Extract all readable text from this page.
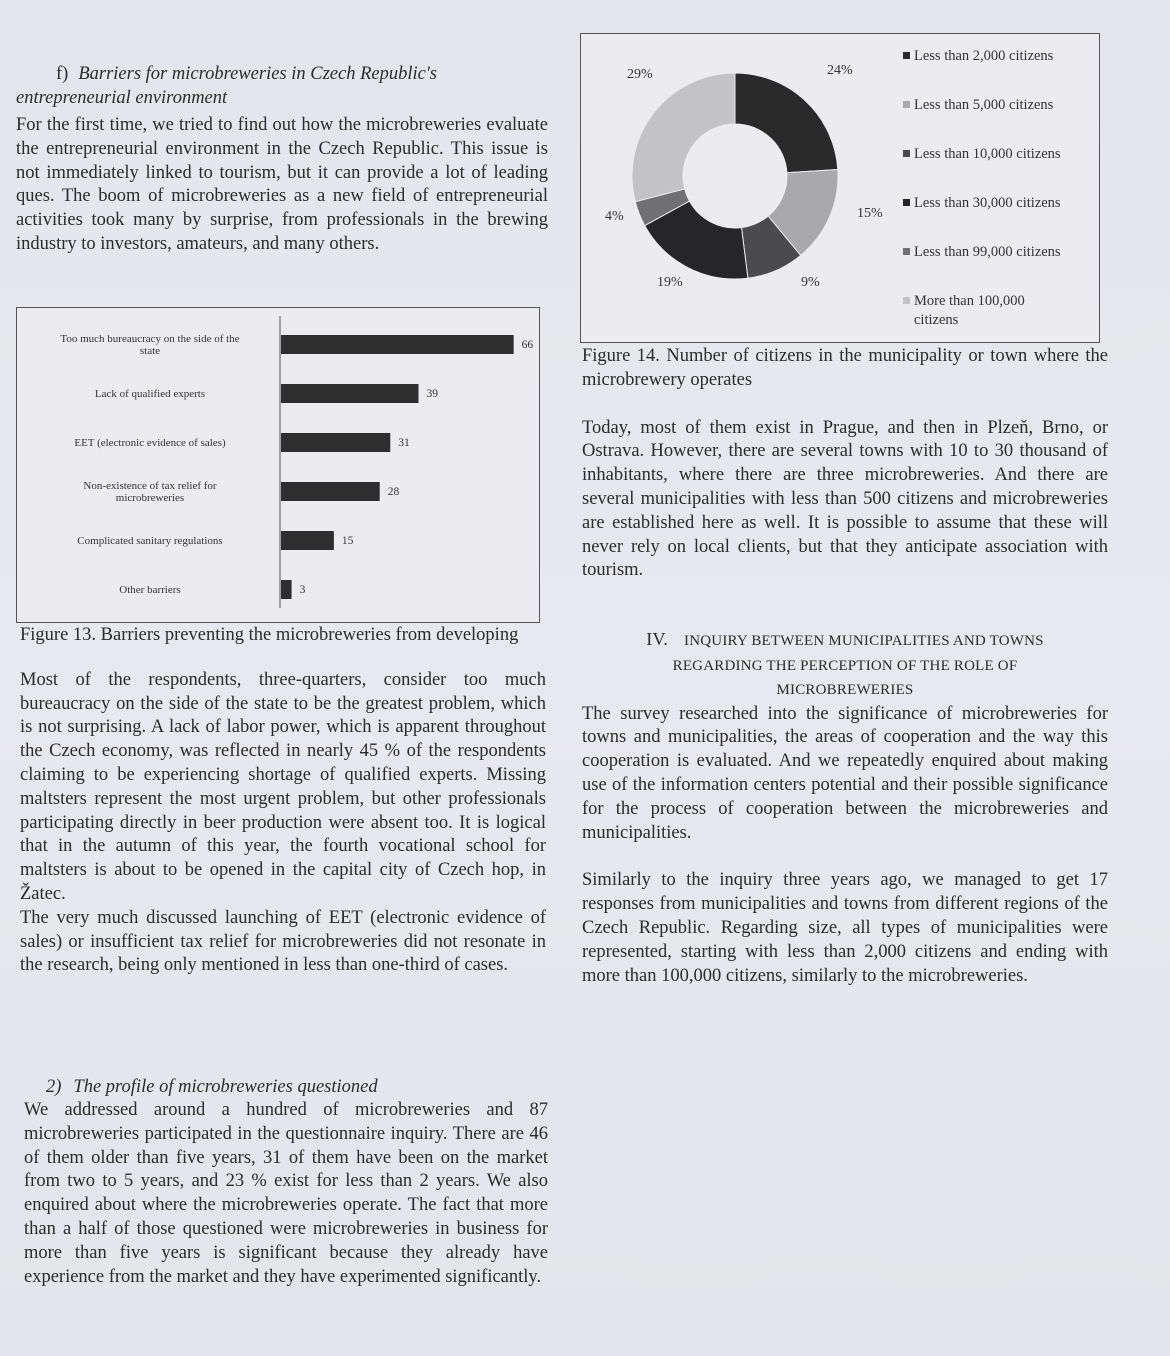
f) Barriers for microbreweries in Czech Republic's
entrepreneurial environment

For the first time, we tried to find out how the microbreweries evaluate the entrepreneurial environment in the Czech Republic. This issue is not immediately linked to tourism, but it can provide a lot of leading ques. The boom of microbreweries as a new field of entrepreneurial activities took many by surprise, from professionals in the brewing industry to investors, amateurs, and many others.

66
Too much bureaucracy on the side of the
state
39
Lack of qualified experts
31
EET (electronic evidence of sales)
28
Non-existence of tax relief for
microbreweries
15
Complicated sanitary regulations
3
Other barriers
Figure 13. Barriers preventing the microbreweries from developing

Most of the respondents, three-quarters, consider too much bureaucracy on the side of the state to be the greatest problem, which is not surprising. A lack of labor power, which is apparent throughout the Czech economy, was reflected in nearly 45 % of the respondents claiming to be experiencing shortage of qualified experts. Missing maltsters represent the most urgent problem, but other professionals participating directly in beer production were absent too. It is logical that in the autumn of this year, the fourth vocational school for maltsters is about to be opened in the capital city of Czech hop, in Žatec.

The very much discussed launching of EET (electronic evidence of sales) or insufficient tax relief for microbreweries did not resonate in the research, being only mentioned in less than one-third of cases.

2) The profile of microbreweries questioned

We addressed around a hundred of microbreweries and 87 microbreweries participated in the questionnaire inquiry. There are 46 of them older than five years, 31 of them have been on the market from two to 5 years, and 23 % exist for less than 2 years. We also enquired about where the microbreweries operate. The fact that more than a half of those questioned were microbreweries in business for more than five years is significant because they already have experience from the market and they have experimented significantly.

24%
15%
9%
19%
4%
29%
Less than 2,000 citizens
Less than 5,000 citizens
Less than 10,000 citizens
Less than 30,000 citizens
Less than 99,000 citizens
More than 100,000
citizens
Figure 14. Number of citizens in the municipality or town where the microbrewery operates

Today, most of them exist in Prague, and then in Plzeň, Brno, or Ostrava. However, there are several towns with 10 to 30 thousand of inhabitants, where there are three microbreweries. And there are several municipalities with less than 500 citizens and microbreweries are established here as well. It is possible to assume that these will never rely on local clients, but that they anticipate association with tourism.

IV. INQUIRY BETWEEN MUNICIPALITIES AND TOWNS
REGARDING THE PERCEPTION OF THE ROLE OF
MICROBREWERIES

The survey researched into the significance of microbreweries for towns and municipalities, the areas of cooperation and the way this cooperation is evaluated. And we repeatedly enquired about making use of the information centers potential and their possible significance for the process of cooperation between the microbreweries and municipalities.

Similarly to the inquiry three years ago, we managed to get 17 responses from municipalities and towns from different regions of the Czech Republic. Regarding size, all types of municipalities were represented, starting with less than 2,000 citizens and ending with more than 100,000 citizens, similarly to the microbreweries.
